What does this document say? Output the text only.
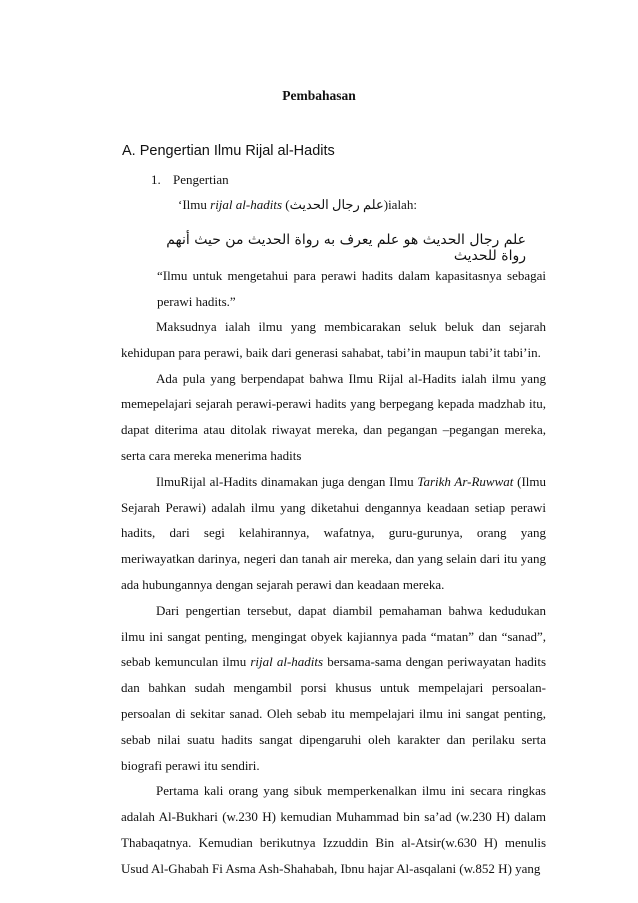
Pembahasan
A. Pengertian Ilmu Rijal al-Hadits
1. Pengertian
‘Ilmu rijal al-hadits (علم رجال الحديث)ialah:
علم رجال الحديث هو علم يعرف به رواة الحديث من حيث أنهم رواة للحديث

“Ilmu untuk mengetahui para perawi hadits dalam kapasitasnya sebagai perawi hadits.”

Maksudnya ialah ilmu yang membicarakan seluk beluk dan sejarah kehidupan para perawi, baik dari generasi sahabat, tabi’in maupun tabi’it tabi’in.

Ada pula yang berpendapat bahwa Ilmu Rijal al-Hadits ialah ilmu yang memepelajari sejarah perawi-perawi hadits yang berpegang kepada madzhab itu, dapat diterima atau ditolak riwayat mereka, dan pegangan –pegangan mereka, serta cara mereka menerima hadits

IlmuRijal al-Hadits dinamakan juga dengan Ilmu Tarikh Ar-Ruwwat (Ilmu Sejarah Perawi) adalah ilmu yang diketahui dengannya keadaan setiap perawi hadits, dari segi kelahirannya, wafatnya, guru-gurunya, orang yang meriwayatkan darinya, negeri dan tanah air mereka, dan yang selain dari itu yang ada hubungannya dengan sejarah perawi dan keadaan mereka.

Dari pengertian tersebut, dapat diambil pemahaman bahwa kedudukan ilmu ini sangat penting, mengingat obyek kajiannya pada “matan” dan “sanad”, sebab kemunculan ilmu rijal al-hadits bersama-sama dengan periwayatan hadits dan bahkan sudah mengambil porsi khusus untuk mempelajari persoalan-persoalan di sekitar sanad. Oleh sebab itu mempelajari ilmu ini sangat penting, sebab nilai suatu hadits sangat dipengaruhi oleh karakter dan perilaku serta biografi perawi itu sendiri.

Pertama kali orang yang sibuk memperkenalkan ilmu ini secara ringkas adalah Al-Bukhari (w.230 H) kemudian Muhammad bin sa’ad (w.230 H) dalam Thabaqatnya. Kemudian berikutnya Izzuddin Bin al-Atsir(w.630 H) menulis Usud Al-Ghabah Fi Asma Ash-Shahabah, Ibnu hajar Al-asqalani (w.852 H) yang
